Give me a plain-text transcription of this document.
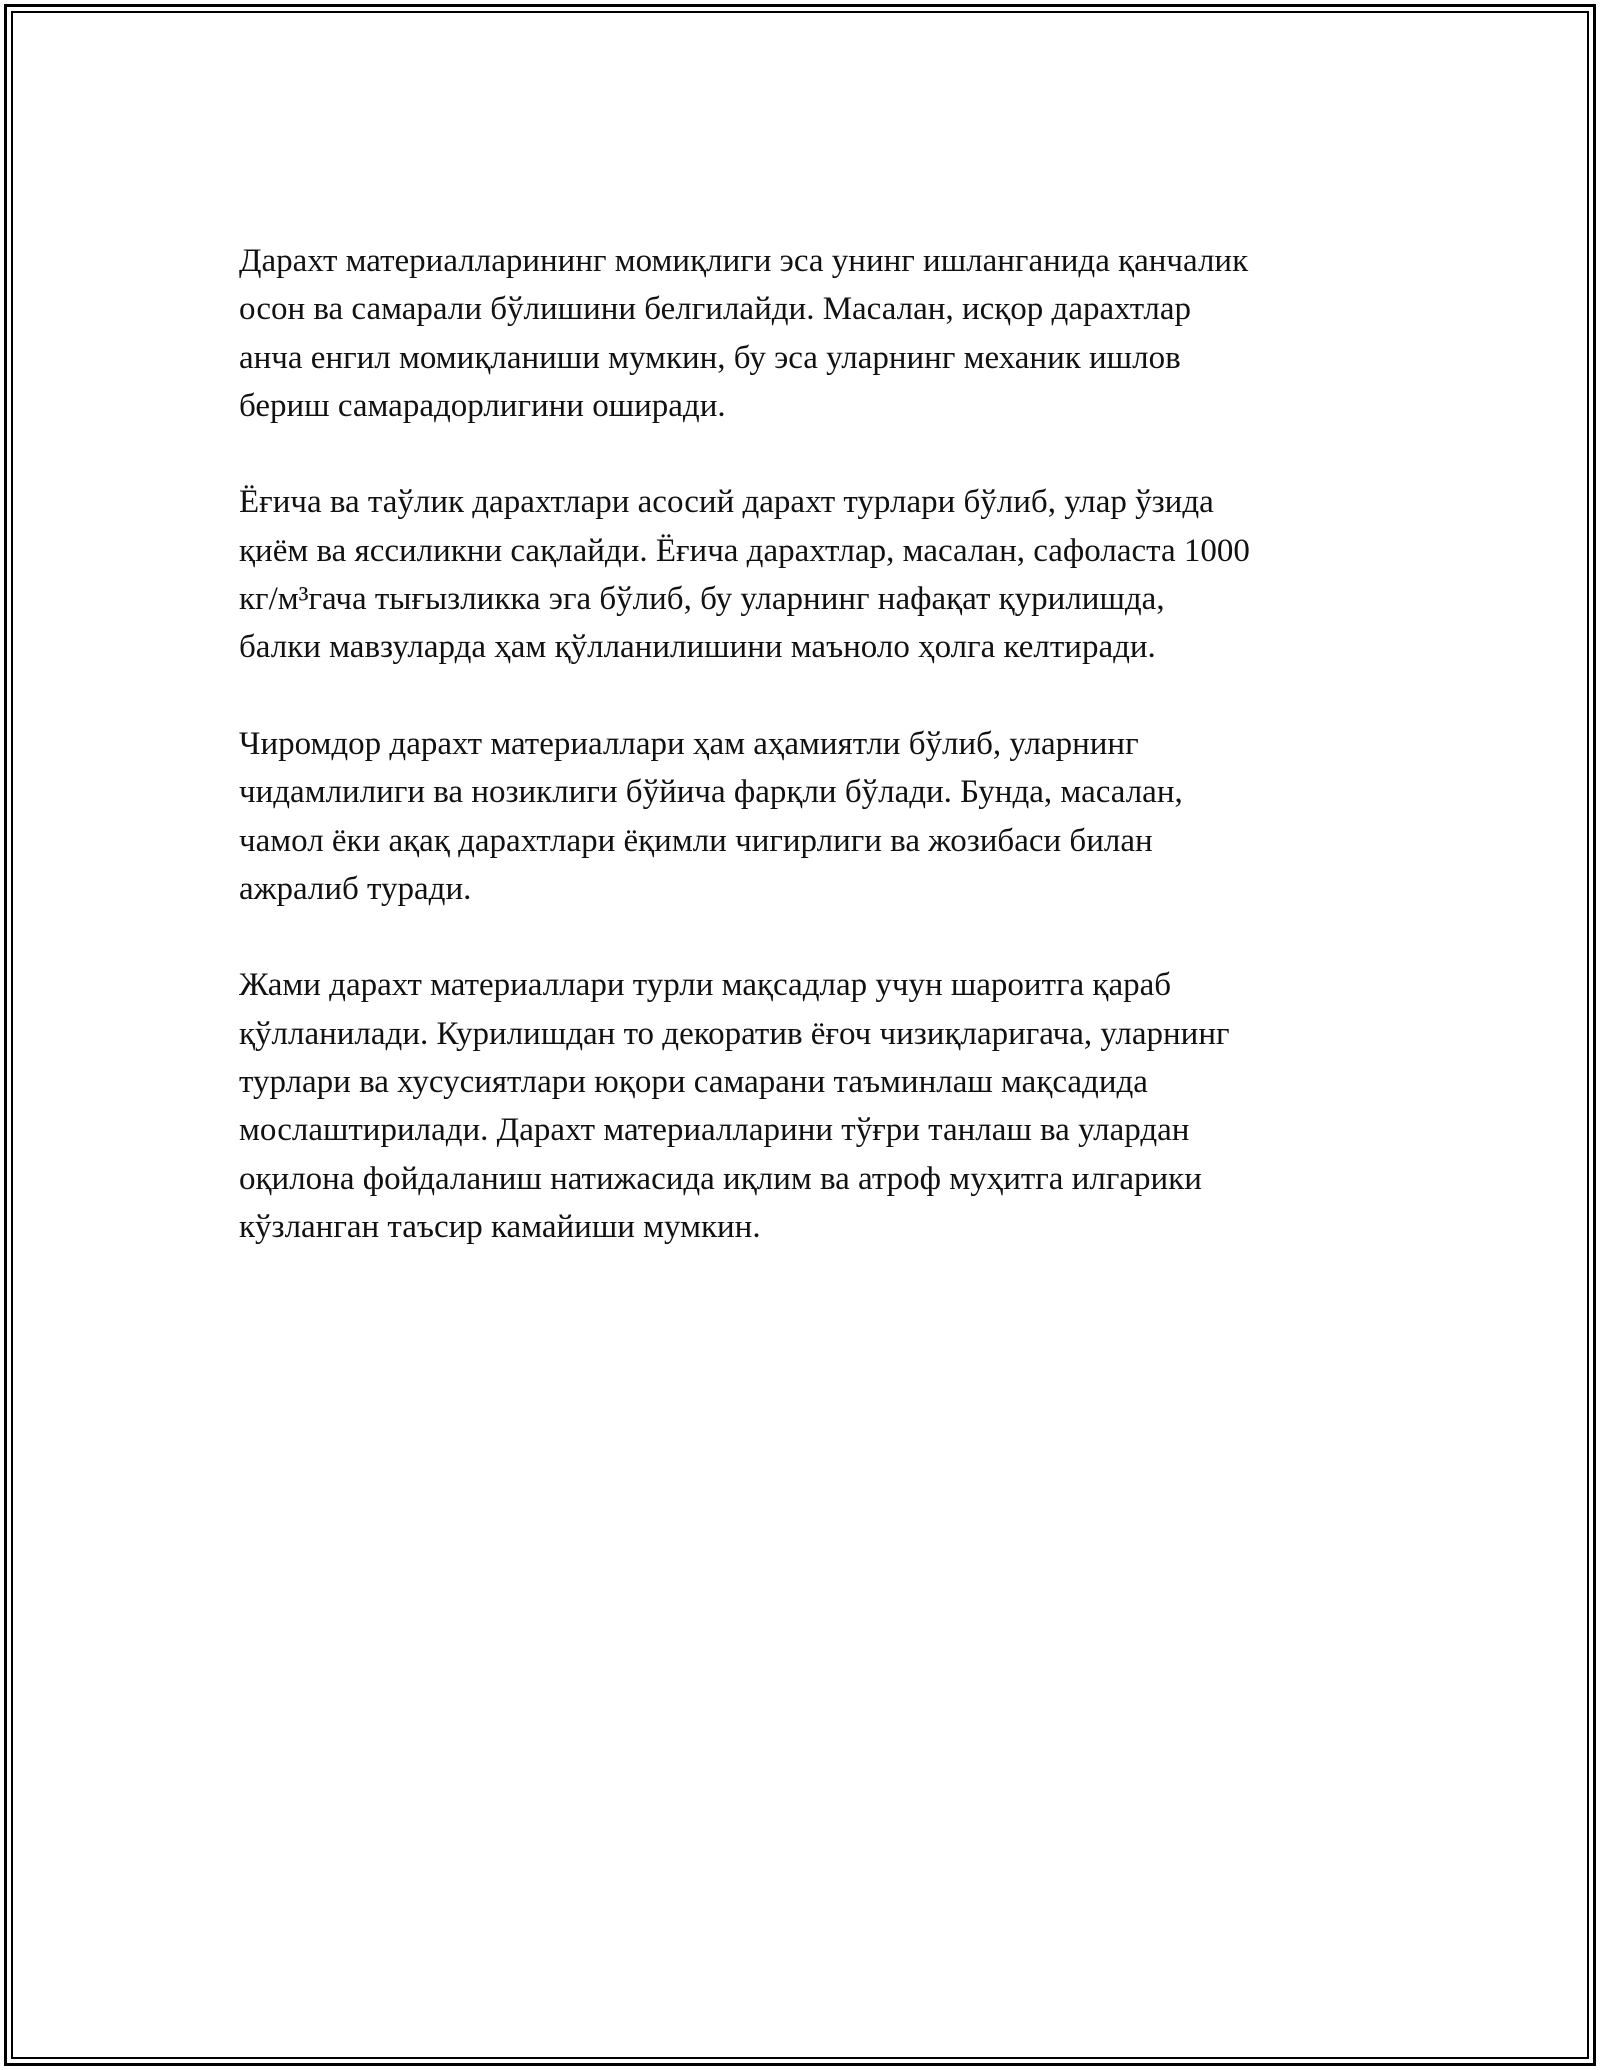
Дарахт материалларининг момиқлиги эса унинг ишланганида қанчалик
осон ва самарали бўлишини белгилайди. Масалан, исқор дарахтлар
анча енгил момиқланиши мумкин, бу эса уларнинг механик ишлов
бериш самарадорлигини оширади.

Ёғича ва таўлик дарахтлари асосий дарахт турлари бўлиб, улар ўзида
қиём ва яссиликни сақлайди. Ёғича дарахтлар, масалан, сафоласта 1000
кг/м³гача тығызликка эга бўлиб, бу уларнинг нафақат қурилишда,
балки мавзуларда ҳам қўлланилишини маъноло ҳолга келтиради.

Чиромдор дарахт материаллари ҳам аҳамиятли бўлиб, уларнинг
чидамлилиги ва нозиклиги бўйича фарқли бўлади. Бунда, масалан,
чамол ёки ақақ дарахтлари ёқимли чигирлиги ва жозибаси билан
ажралиб туради.

Жами дарахт материаллари турли мақсадлар учун шароитга қараб
қўлланилади. Курилишдан то декоратив ёғоч чизиқларигача, уларнинг
турлари ва хусусиятлари юқори самарани таъминлаш мақсадида
мослаштирилади. Дарахт материалларини тўғри танлаш ва улардан
оқилона фойдаланиш натижасида иқлим ва атроф муҳитга илгарики
кўзланган таъсир камайиши мумкин.
